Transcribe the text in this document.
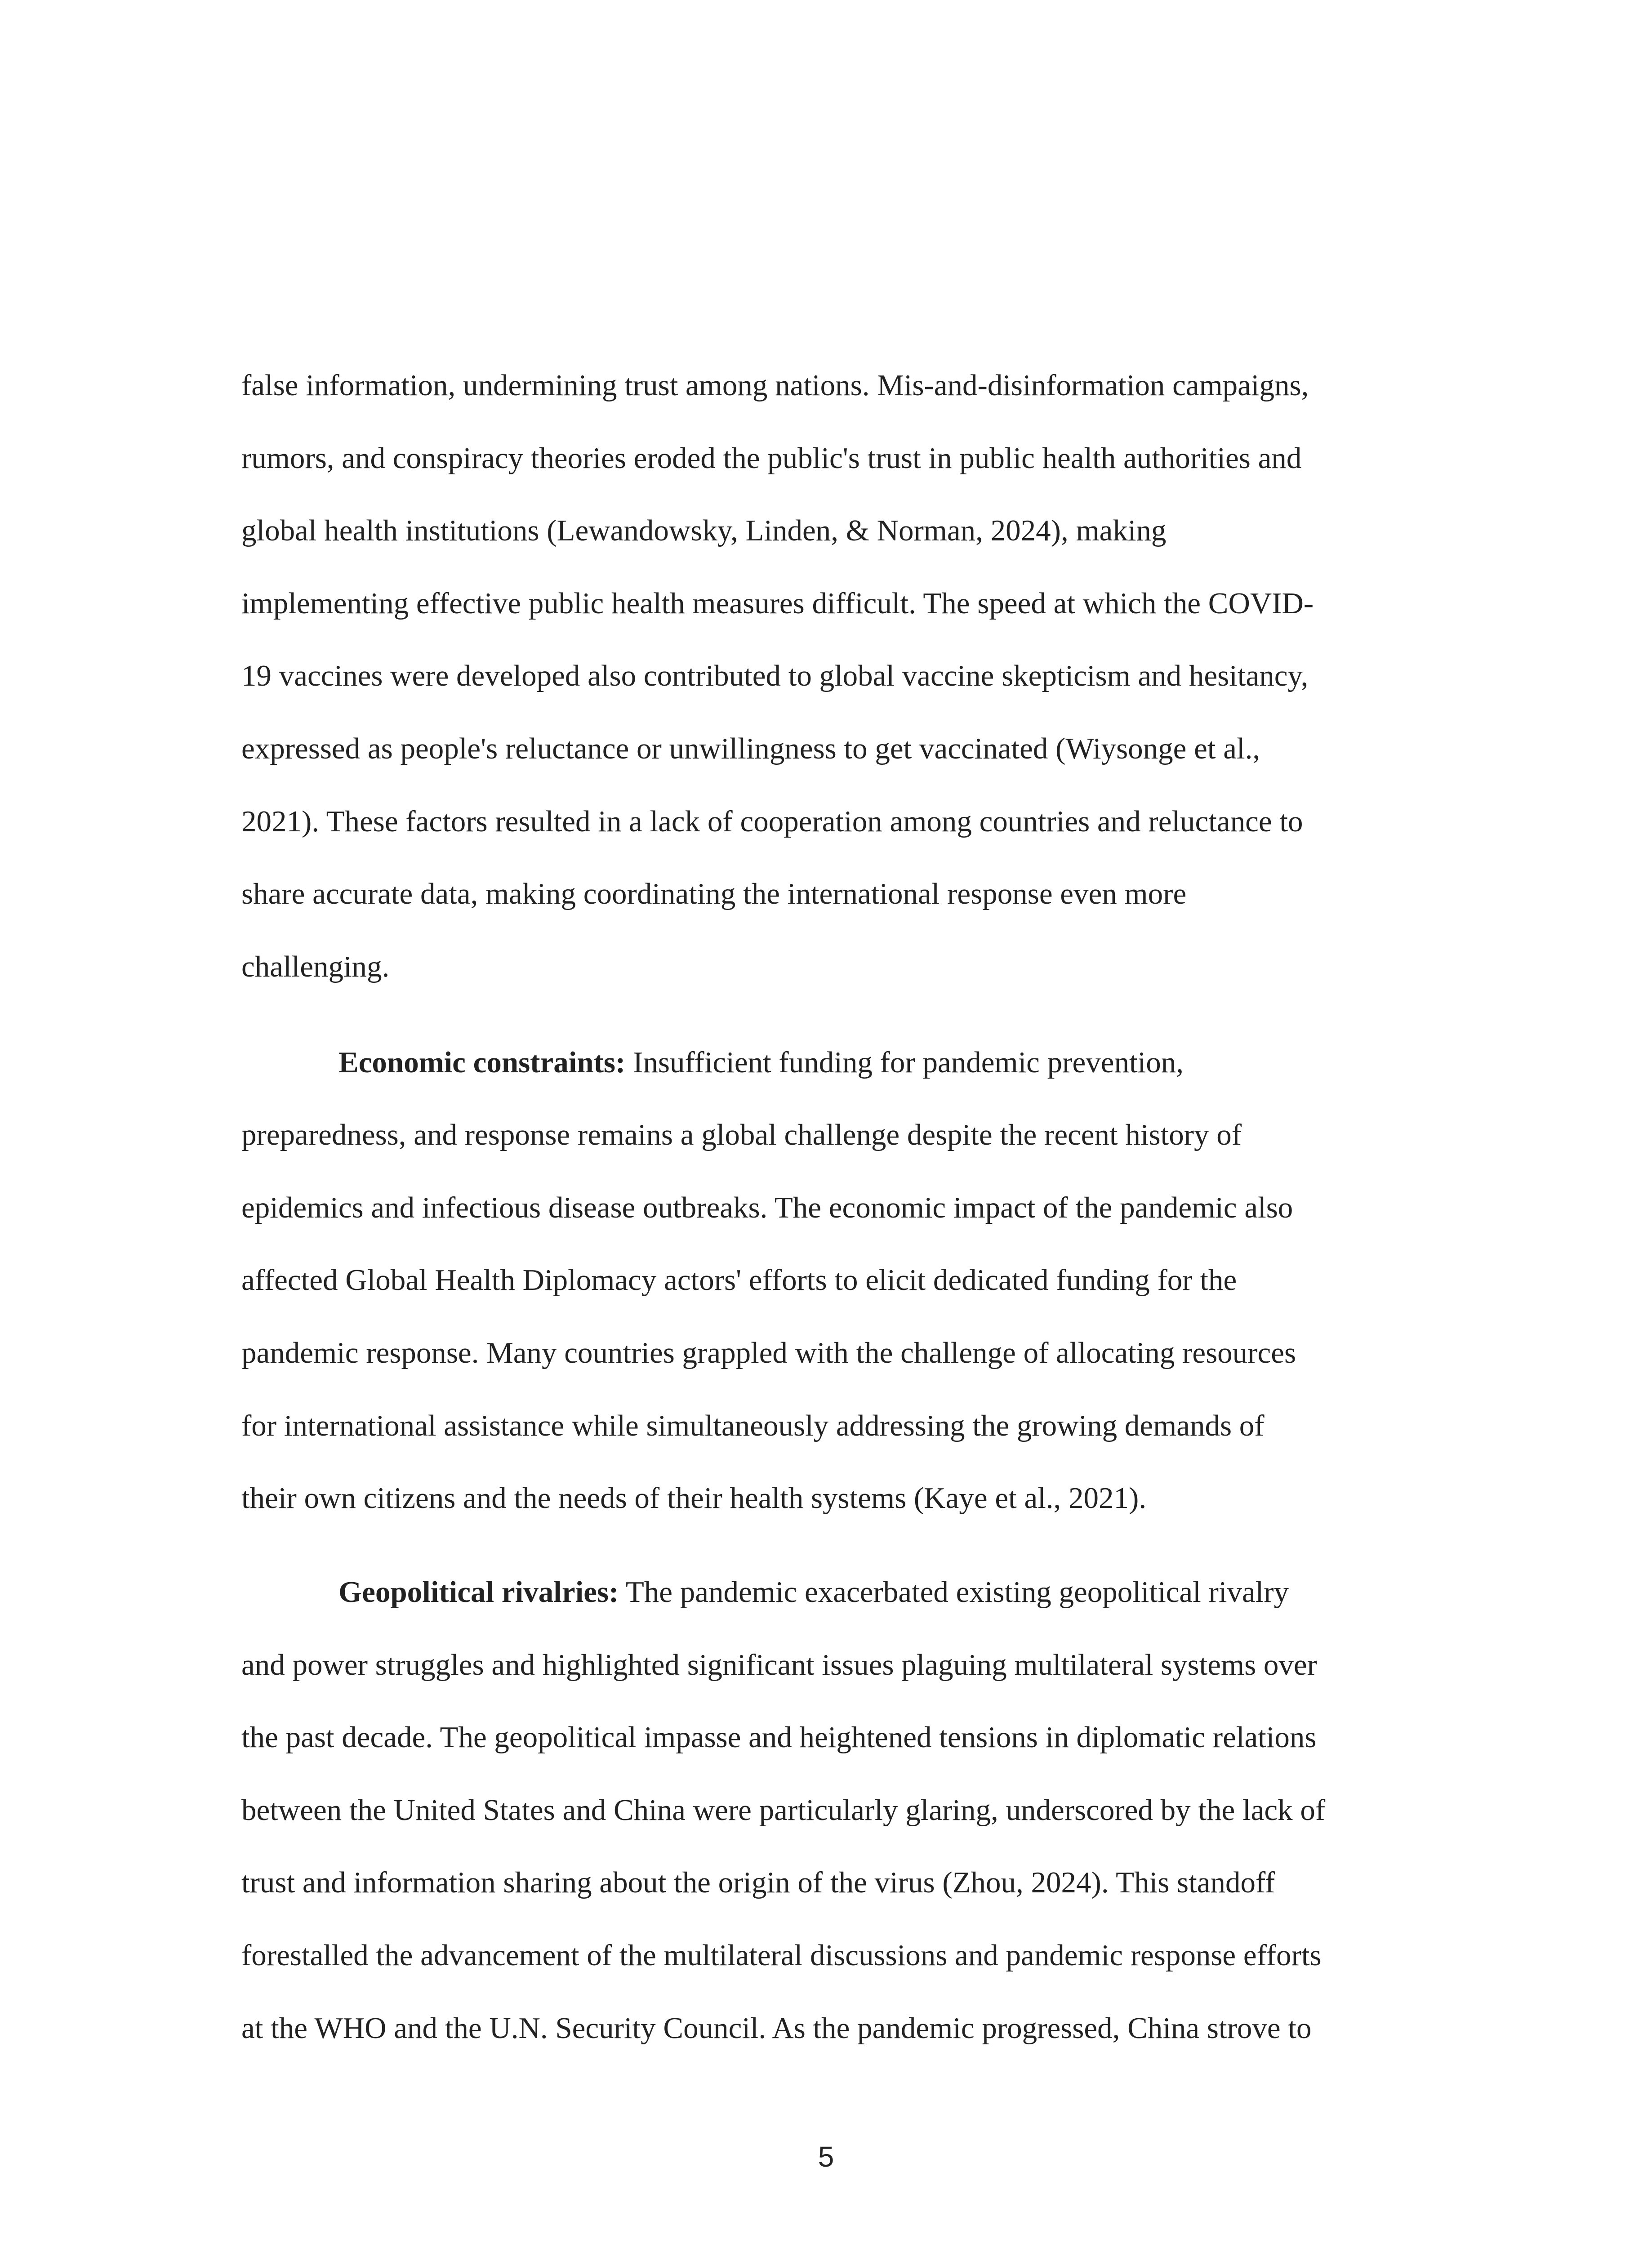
false information, undermining trust among nations. Mis-and-disinformation campaigns,
rumors, and conspiracy theories eroded the public's trust in public health authorities and
global health institutions (Lewandowsky, Linden, & Norman, 2024), making
implementing effective public health measures difficult. The speed at which the COVID-
19 vaccines were developed also contributed to global vaccine skepticism and hesitancy,
expressed as people's reluctance or unwillingness to get vaccinated (Wiysonge et al.,
2021). These factors resulted in a lack of cooperation among countries and reluctance to
share accurate data, making coordinating the international response even more
challenging.
Economic constraints: Insufficient funding for pandemic prevention,
preparedness, and response remains a global challenge despite the recent history of
epidemics and infectious disease outbreaks. The economic impact of the pandemic also
affected Global Health Diplomacy actors' efforts to elicit dedicated funding for the
pandemic response. Many countries grappled with the challenge of allocating resources
for international assistance while simultaneously addressing the growing demands of
their own citizens and the needs of their health systems (Kaye et al., 2021).
Geopolitical rivalries: The pandemic exacerbated existing geopolitical rivalry
and power struggles and highlighted significant issues plaguing multilateral systems over
the past decade. The geopolitical impasse and heightened tensions in diplomatic relations
between the United States and China were particularly glaring, underscored by the lack of
trust and information sharing about the origin of the virus (Zhou, 2024). This standoff
forestalled the advancement of the multilateral discussions and pandemic response efforts
at the WHO and the U.N. Security Council. As the pandemic progressed, China strove to
5
